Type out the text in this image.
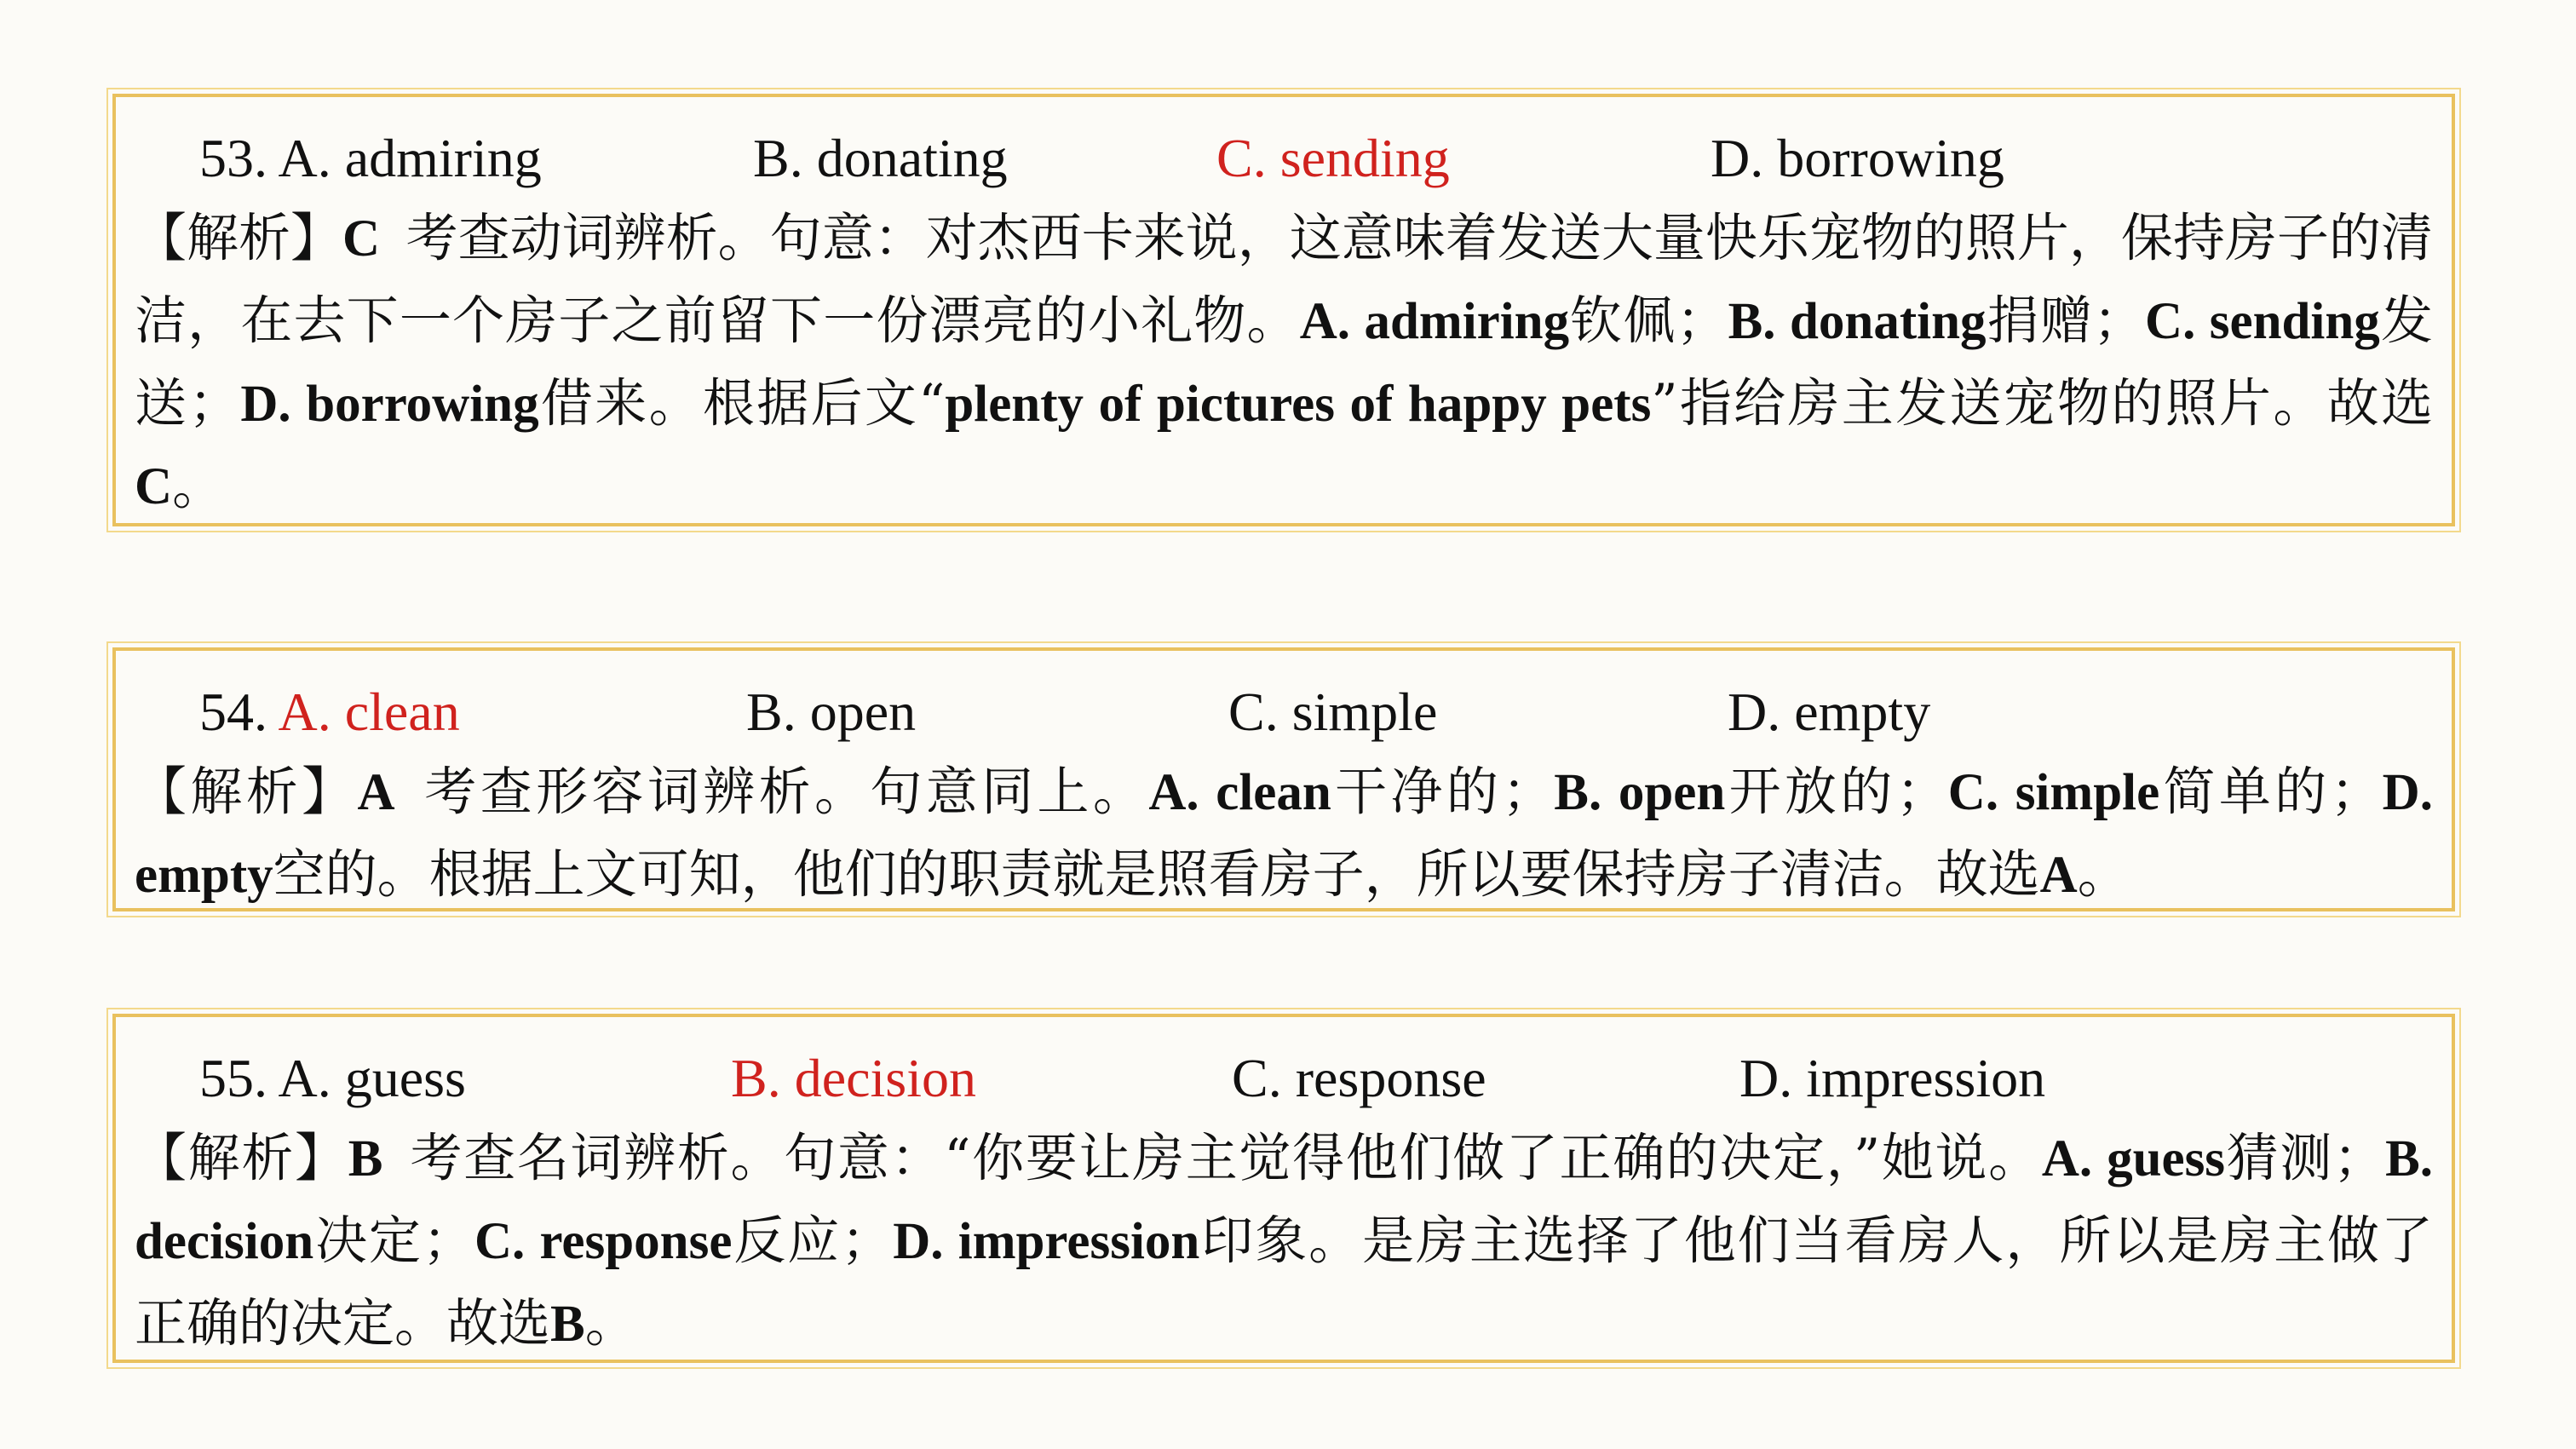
53. A. admiring	B. donating	C. sending	D. borrowing
【解析】C  考查动词辨析。句意：对杰西卡来说，这意味着发送大量快乐宠物的照片，保持房子的清洁，在去下一个房子之前留下一份漂亮的小礼物。A. admiring钦佩；B. donating捐赠；C. sending发送；D. borrowing借来。根据后文“plenty of pictures of happy pets”指给房主发送宠物的照片。故选C。
54. A. clean	B. open	C. simple	D. empty
【解析】A  考查形容词辨析。句意同上。A. clean干净的；B. open开放的；C. simple简单的；D. empty空的。根据上文可知，他们的职责就是照看房子，所以要保持房子清洁。故选A。
55. A. guess	B. decision	C. response	D. impression
【解析】B  考查名词辨析。句意：“你要让房主觉得他们做了正确的决定，”她说。A. guess猜测；B. decision决定；C. response反应；D. impression印象。是房主选择了他们当看房人，所以是房主做了正确的决定。故选B。
